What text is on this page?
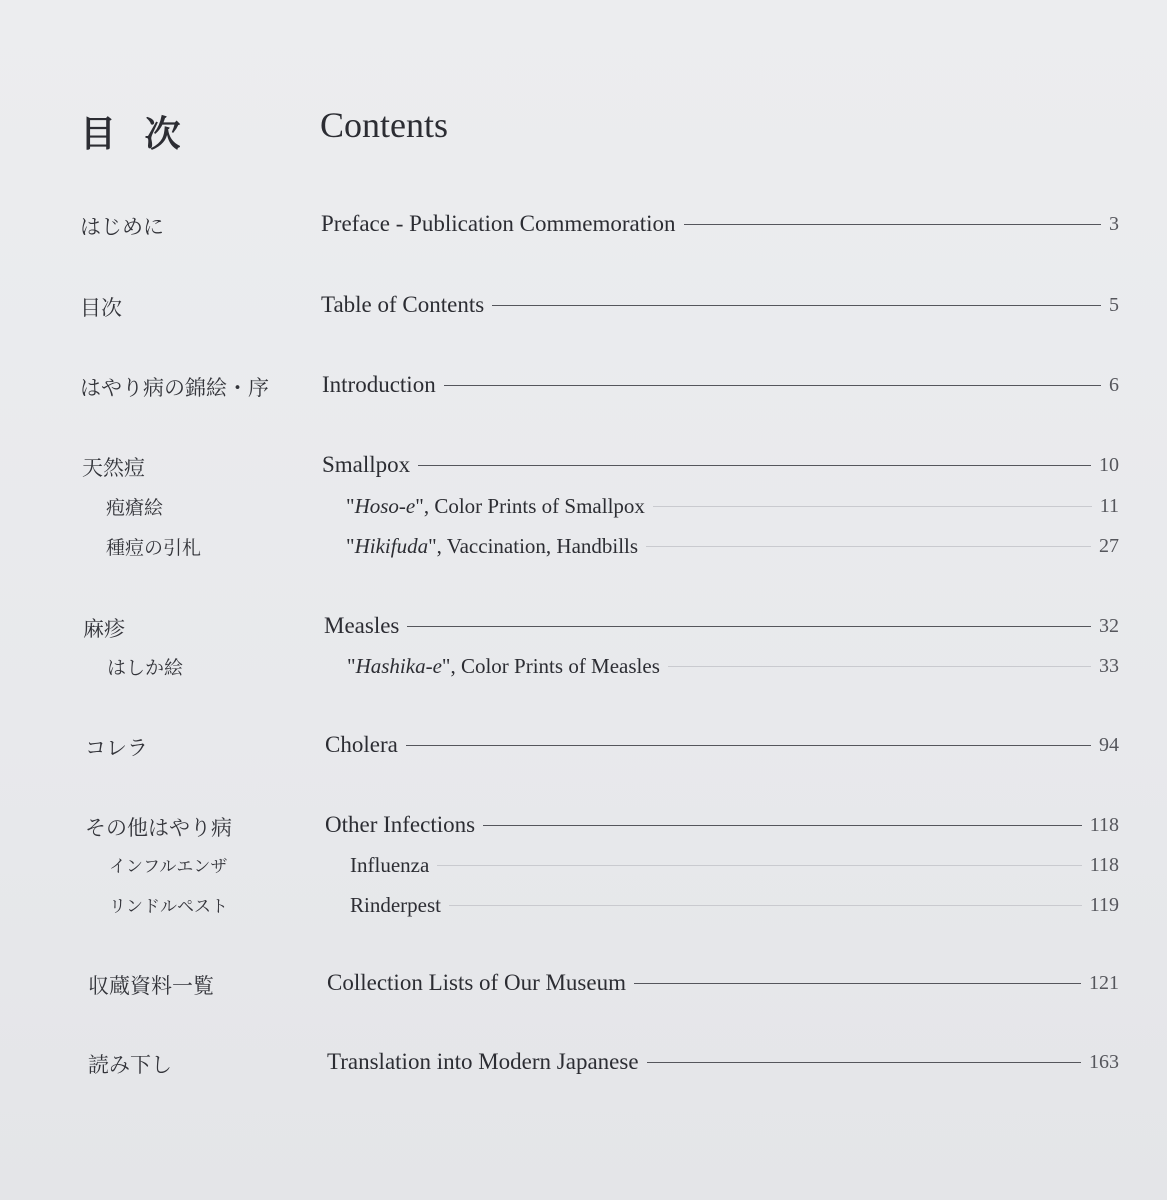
目 次	Contents
はじめに	Preface - Publication Commemoration	3
目次	Table of Contents	5
はやり病の錦絵・序 Introduction	6
天然痘	Smallpox	10
疱瘡絵	"Hoso-e", Color Prints of Smallpox	11
種痘の引札	"Hikifuda", Vaccination, Handbills	27
麻疹	Measles	32
はしか絵	"Hashika-e", Color Prints of Measles	33
コレラ	Cholera	94
その他はやり病	Other Infections	118
インフルエンザ	Influenza	118
リンドルペスト	Rinderpest	119
収蔵資料一覧	Collection Lists of Our Museum	121
読み下し	Translation into Modern Japanese	163
